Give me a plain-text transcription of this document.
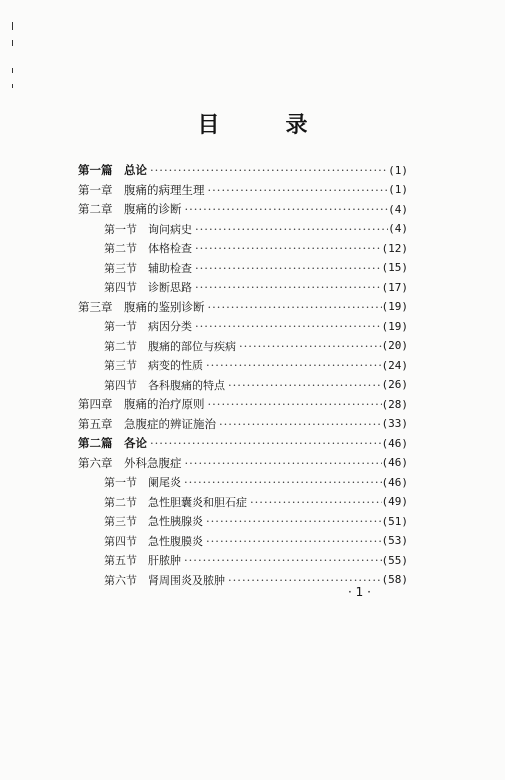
目　录
第一篇　总论 ·····	(1)
第一章　腹痛的病理生理 ·····	(1)
第二章　腹痛的诊断 ·····	(4)
第一节　询问病史 ·····	(4)
第二节　体格检查 ·····	(12)
第三节　辅助检查 ·····	(15)
第四节　诊断思路 ·····	(17)
第三章　腹痛的鉴别诊断 ·····	(19)
第一节　病因分类 ·····	(19)
第二节　腹痛的部位与疾病 ·····	(20)
第三节　病变的性质 ·····	(24)
第四节　各科腹痛的特点 ·····	(26)
第四章　腹痛的治疗原则 ·····	(28)
第五章　急腹症的辨证施治 ·····	(33)
第二篇　各论 ·····	(46)
第六章　外科急腹症 ·····	(46)
第一节　阑尾炎 ·····	(46)
第二节　急性胆囊炎和胆石症 ·····	(49)
第三节　急性胰腺炎 ·····	(51)
第四节　急性腹膜炎 ·····	(53)
第五节　肝脓肿 ·····	(55)
第六节　肾周围炎及脓肿 ·····	(58)
· 1 ·
